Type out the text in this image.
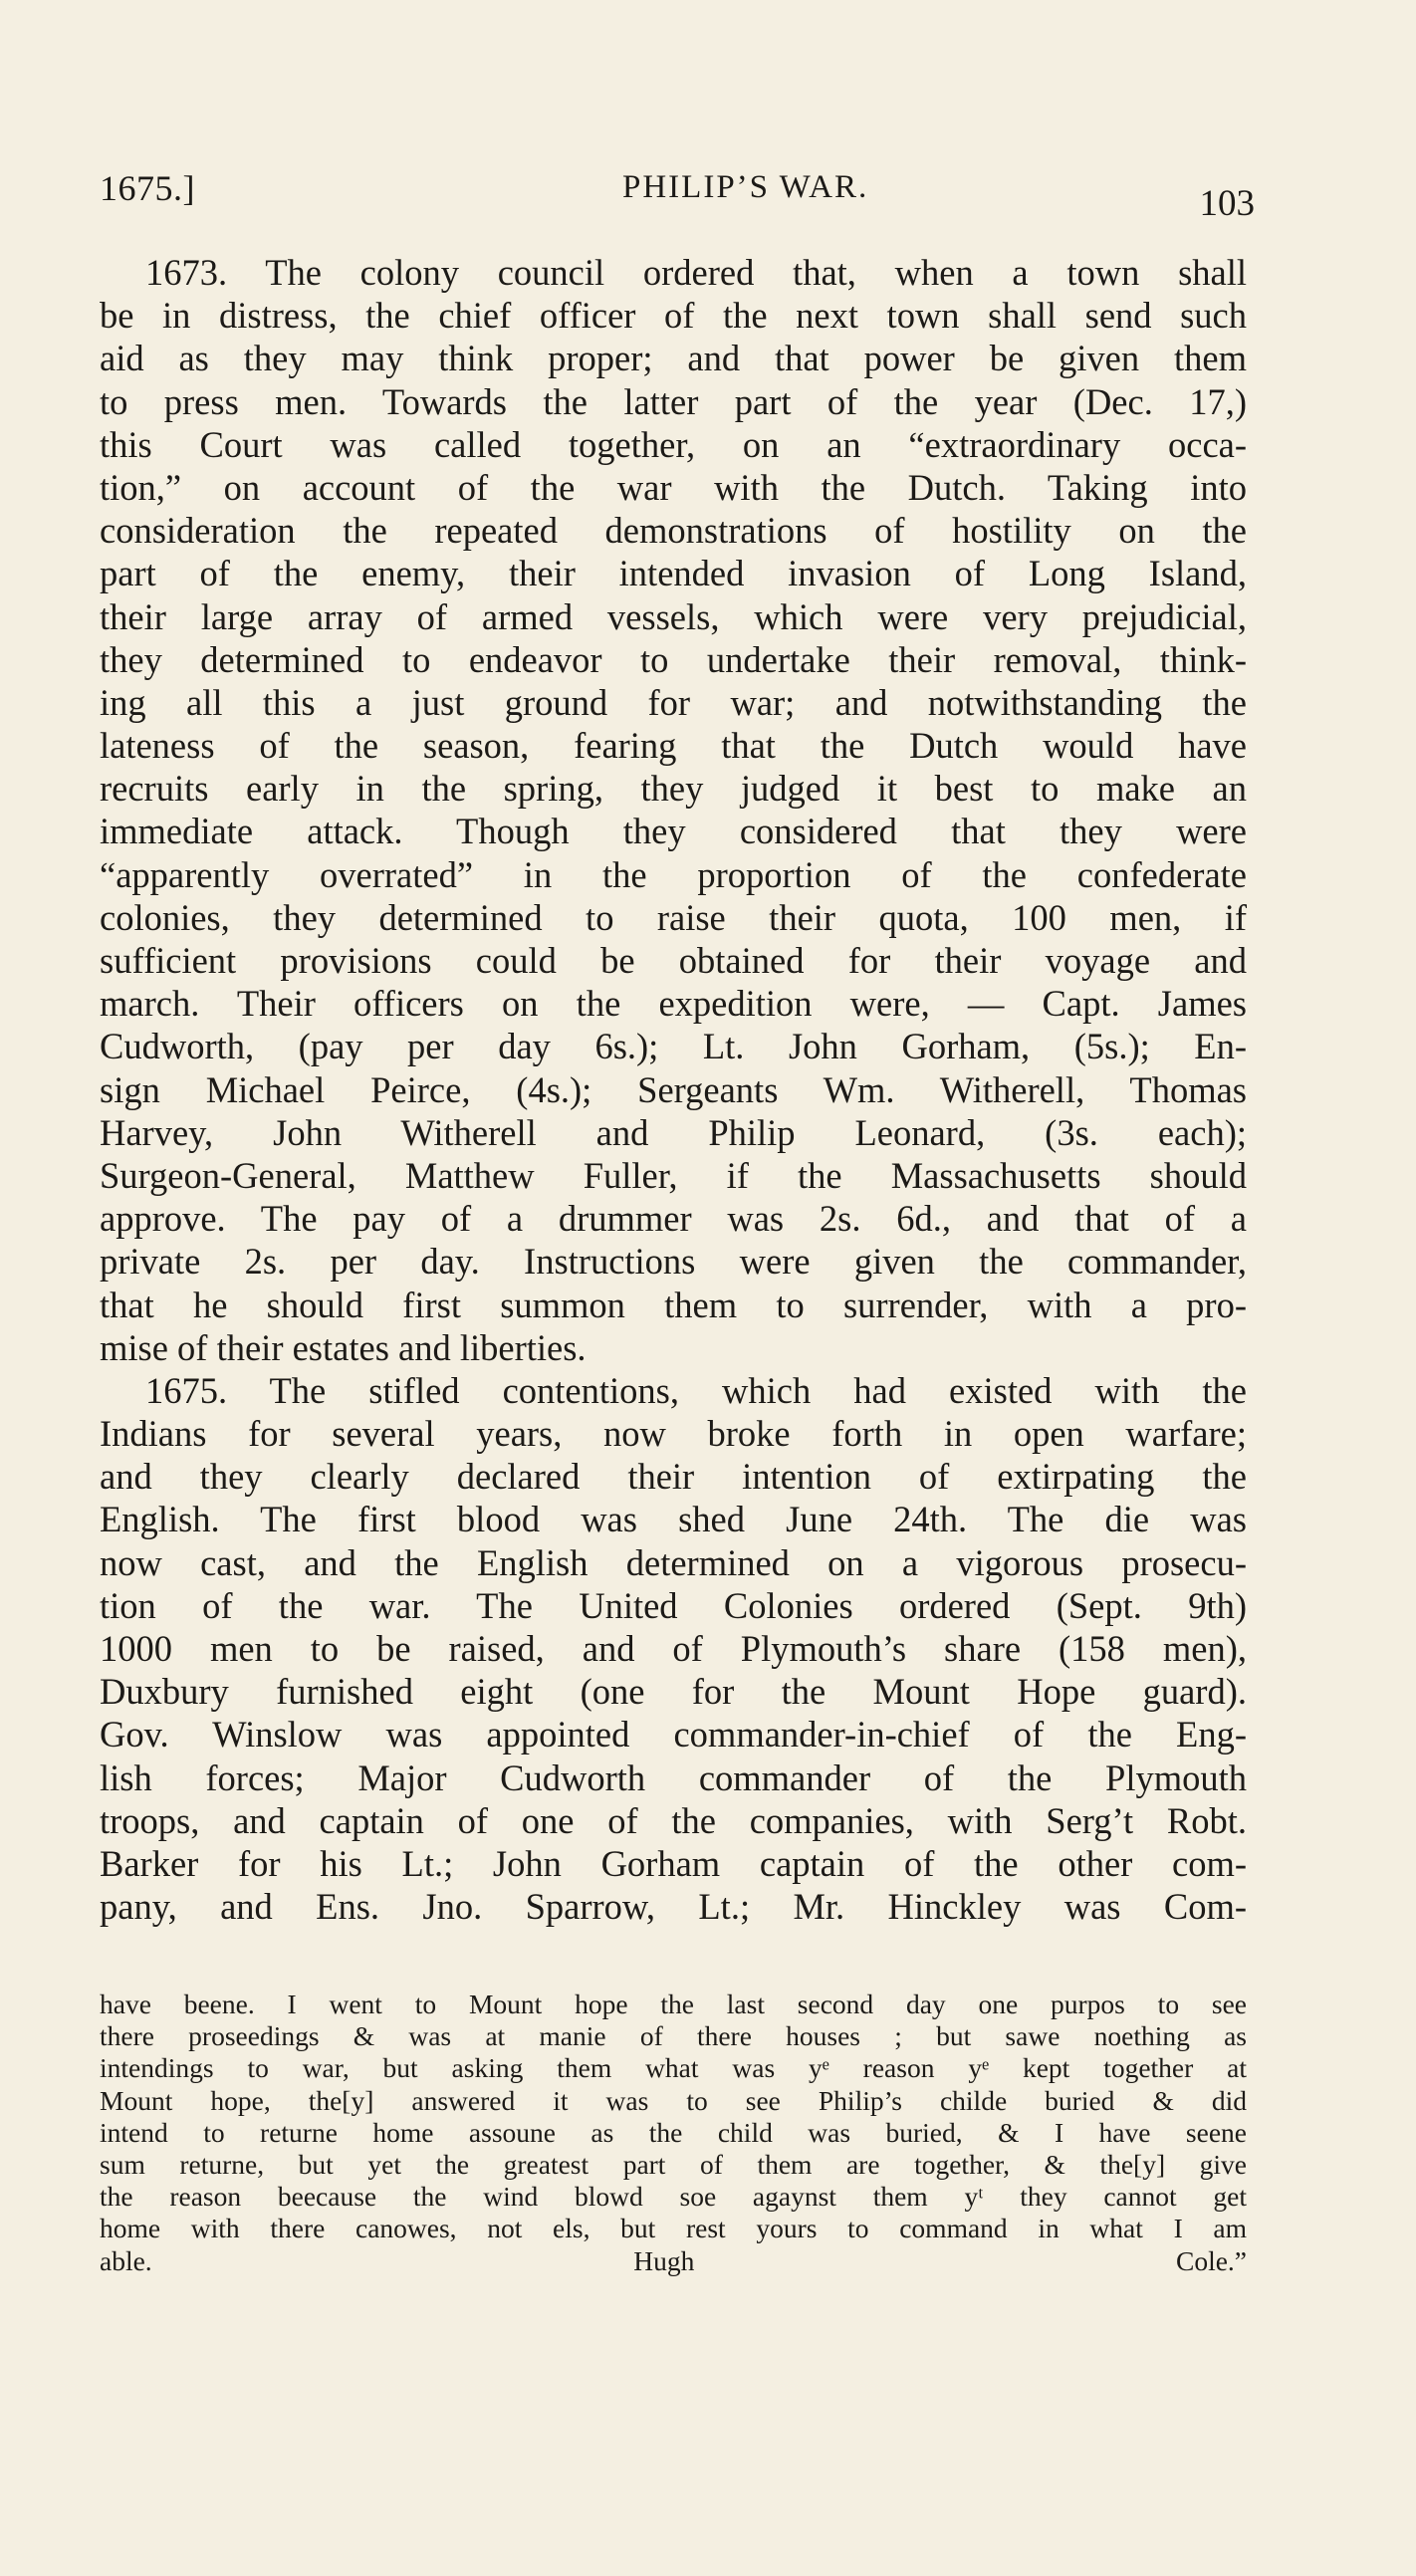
1675.]	PHILIP’S WAR.	103
1673. The colony council ordered that, when a town shall
be in distress, the chief officer of the next town shall send such
aid as they may think proper; and that power be given them
to press men. Towards the latter part of the year (Dec. 17,)
this Court was called together, on an “extraordinary occa-
tion,” on account of the war with the Dutch. Taking into
consideration the repeated demonstrations of hostility on the
part of the enemy, their intended invasion of Long Island,
their large array of armed vessels, which were very prejudicial,
they determined to endeavor to undertake their removal, think-
ing all this a just ground for war; and notwithstanding the
lateness of the season, fearing that the Dutch would have
recruits early in the spring, they judged it best to make an
immediate attack. Though they considered that they were
“apparently overrated” in the proportion of the confederate
colonies, they determined to raise their quota, 100 men, if
sufficient provisions could be obtained for their voyage and
march. Their officers on the expedition were, — Capt. James
Cudworth, (pay per day 6s.); Lt. John Gorham, (5s.); En-
sign Michael Peirce, (4s.); Sergeants Wm. Witherell, Thomas
Harvey, John Witherell and Philip Leonard, (3s. each);
Surgeon-General, Matthew Fuller, if the Massachusetts should
approve. The pay of a drummer was 2s. 6d., and that of a
private 2s. per day. Instructions were given the commander,
that he should first summon them to surrender, with a pro-
mise of their estates and liberties.
1675. The stifled contentions, which had existed with the
Indians for several years, now broke forth in open warfare;
and they clearly declared their intention of extirpating the
English. The first blood was shed June 24th. The die was
now cast, and the English determined on a vigorous prosecu-
tion of the war. The United Colonies ordered (Sept. 9th)
1000 men to be raised, and of Plymouth’s share (158 men),
Duxbury furnished eight (one for the Mount Hope guard).
Gov. Winslow was appointed commander-in-chief of the Eng-
lish forces; Major Cudworth commander of the Plymouth
troops, and captain of one of the companies, with Serg’t Robt.
Barker for his Lt.; John Gorham captain of the other com-
pany, and Ens. Jno. Sparrow, Lt.; Mr. Hinckley was Com-
have beene. I went to Mount hope the last second day one purpos to see
there proseedings & was at manie of there houses ; but sawe noething as
intendings to war, but asking them what was yᵉ reason yᵉ kept together at
Mount hope, the[y] answered it was to see Philip’s childe buried & did
intend to returne home assoune as the child was buried, & I have seene
sum returne, but yet the greatest part of them are together, & the[y] give
the reason beecause the wind blowd soe agaynst them yᵗ they cannot get
home with there canowes, not els, but rest yours to command in what I am
able. Hugh Cole.”
